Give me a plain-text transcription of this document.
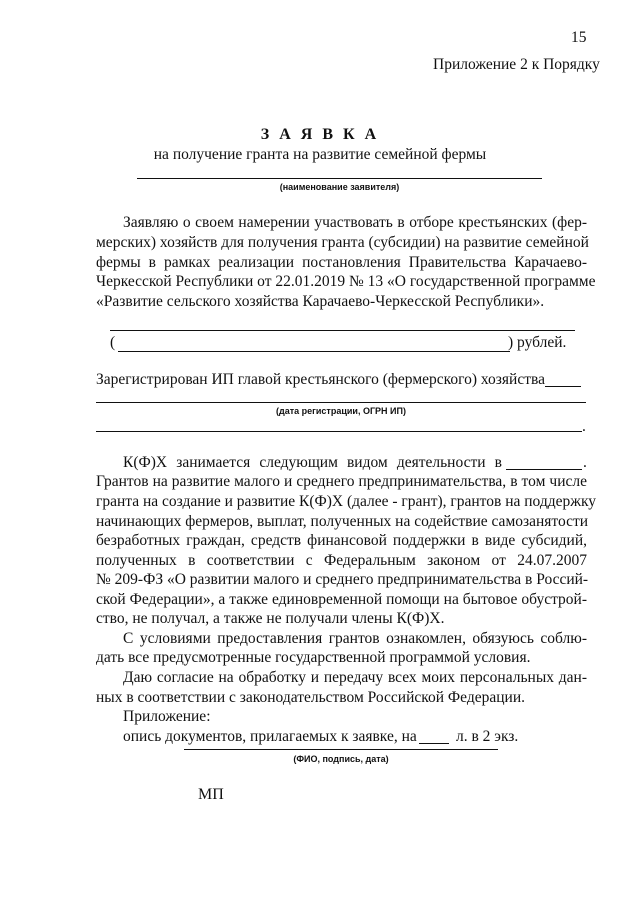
15
Приложение 2 к Порядку
З А Я В К А
на получение гранта на развитие семейной фермы
(наименование заявителя)
Заявляю о своем намерении участвовать в отборе крестьянских (фер-
мерских) хозяйств для получения гранта (субсидии) на развитие семейной
фермы в рамках реализации постановления Правительства Карачаево-
Черкесской Республики от 22.01.2019 № 13 «О государственной программе
«Развитие сельского хозяйства Карачаево-Черкесской Республики».
(	) рублей.
Зарегистрирован ИП главой крестьянского (фермерского) хозяйства
(дата регистрации, ОГРН ИП)
.
К(Ф)Х занимается следующим видом деятельности в	.
Грантов на развитие малого и среднего предпринимательства, в том числе
гранта на создание и развитие К(Ф)Х (далее - грант), грантов на поддержку
начинающих фермеров, выплат, полученных на содействие самозанятости
безработных граждан, средств финансовой поддержки в виде субсидий,
полученных в соответствии с Федеральным законом от 24.07.2007
№ 209-ФЗ «О развитии малого и среднего предпринимательства в Россий-
ской Федерации», а также единовременной помощи на бытовое обустрой-
ство, не получал, а также не получали члены К(Ф)Х.
С условиями предоставления грантов ознакомлен, обязуюсь соблю-
дать все предусмотренные государственной программой условия.
Даю согласие на обработку и передачу всех моих персональных дан-
ных в соответствии с законодательством Российской Федерации.
Приложение:
опись документов, прилагаемых к заявке, на	л. в 2 экз.
(ФИО, подпись, дата)
МП
